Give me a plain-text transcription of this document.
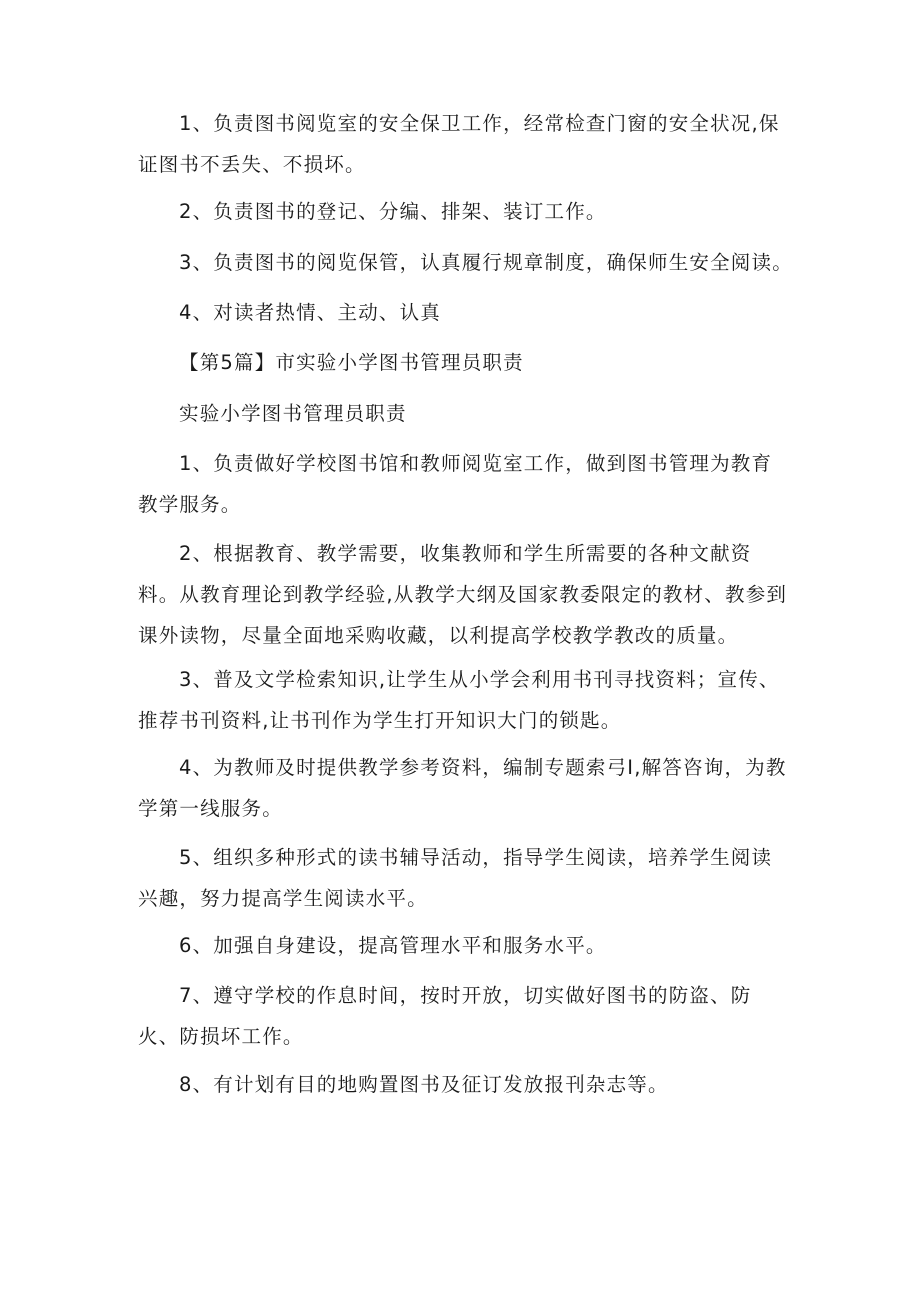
1、负责图书阅览室的安全保卫工作，经常检查门窗的安全状况,保证图书不丢失、不损坏。

2、负责图书的登记、分编、排架、装订工作。

3、负责图书的阅览保管，认真履行规章制度，确保师生安全阅读。

4、对读者热情、主动、认真

【第5篇】市实验小学图书管理员职责

实验小学图书管理员职责

1、负责做好学校图书馆和教师阅览室工作，做到图书管理为教育教学服务。

2、根据教育、教学需要，收集教师和学生所需要的各种文献资料。从教育理论到教学经验,从教学大纲及国家教委限定的教材、教参到课外读物，尽量全面地采购收藏，以利提高学校教学教改的质量。

3、普及文学检索知识,让学生从小学会利用书刊寻找资料；宣传、推荐书刊资料,让书刊作为学生打开知识大门的锁匙。

4、为教师及时提供教学参考资料，编制专题索弓I,解答咨询，为教学第一线服务。

5、组织多种形式的读书辅导活动，指导学生阅读，培养学生阅读兴趣，努力提高学生阅读水平。

6、加强自身建设，提高管理水平和服务水平。

7、遵守学校的作息时间，按时开放，切实做好图书的防盗、防火、防损坏工作。

8、有计划有目的地购置图书及征订发放报刊杂志等。
